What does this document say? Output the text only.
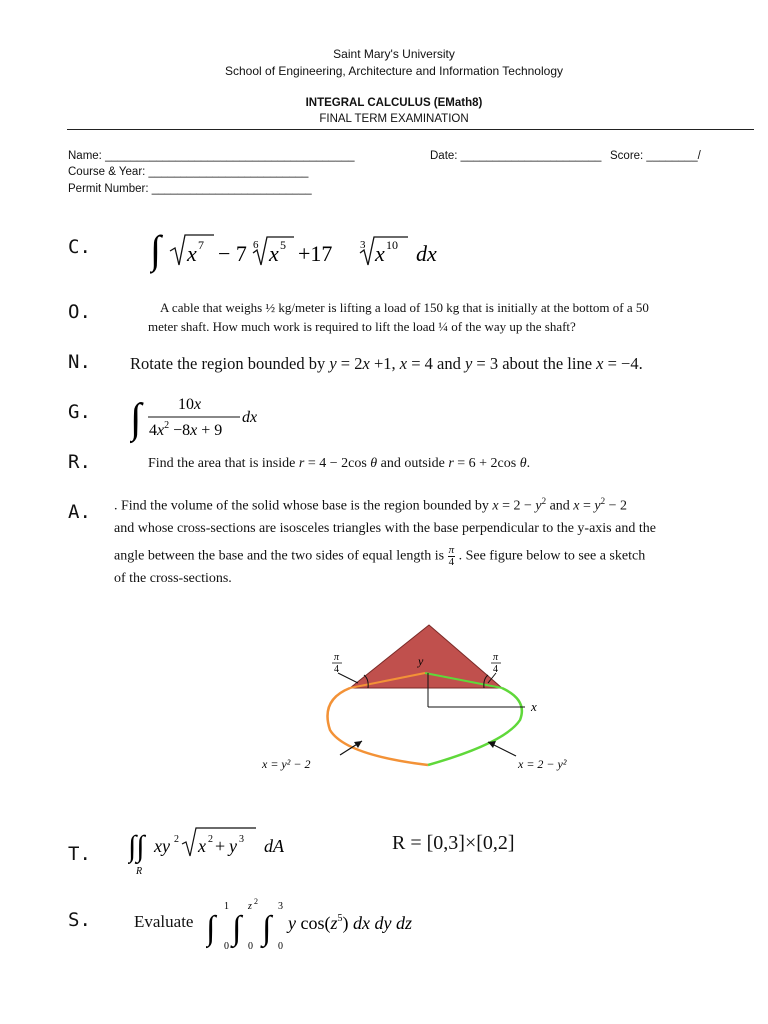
Saint Mary's University
School of Engineering, Architecture and Information Technology
INTEGRAL CALCULUS (EMath8)
FINAL TERM EXAMINATION
Name: _______________________________________	Date: ______________________ Score: ________/
Course & Year: _________________________
Permit Number: _________________________
C.
O.
N.
G.
R.
A.
T.
S.
∫ x 7 − 7 6 x 5 +17	3 x 10 dx
A cable that weighs ½ kg/meter is lifting a load of 150 kg that is initially at the bottom of a 50
meter shaft. How much work is required to lift the load ¼ of the way up the shaft?
Rotate the region bounded by y = 2x +1, x = 4 and y = 3 about the line x = −4.
∫ 10x
$4x^2 -8x + 9$
dx
Find the area that is inside r = 4 − 2cos θ and outside r = 6 + 2cos θ.
. Find the volume of the solid whose base is the region bounded by $x = 2 - y^2$ and $x = y^2 - 2$
and whose cross-sections are isosceles triangles with the base perpendicular to the y-axis and the
angle between the base and the two sides of equal length is $\frac{\pi}{4}$ . See figure below to see a sketch
of the cross-sections.
π
4
π
4
y
x
x = y² − 2	x = 2 − y²
∫∫
R
xy 2 x 2 + y 3 dA	R = [0,3]×[0,2]
Evaluate ∫
1
0 ∫
z 2
0 ∫
3
0
y $\cos(z^5)$ dx dy dz
